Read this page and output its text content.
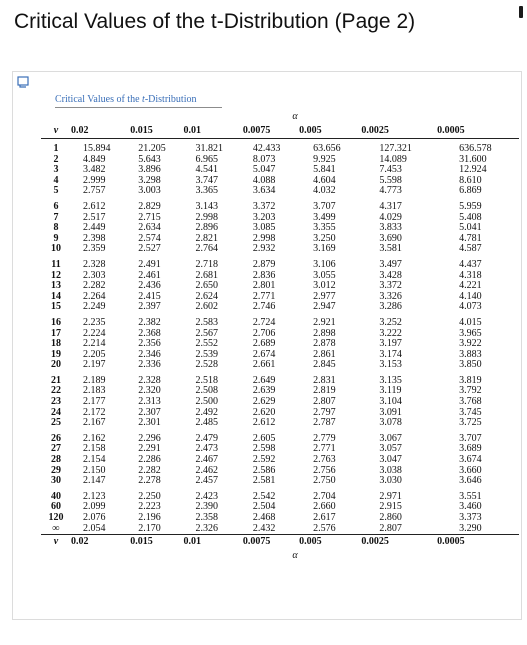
Critical Values of the t-Distribution (Page 2)
Critical Values of the t-Distribution
	α						
v	0.02	0.015	0.01	0.0075	0.005	0.0025	0.0005
1	15.894	21.205	31.821	42.433	63.656	127.321	636.578
2	4.849	5.643	6.965	8.073	9.925	14.089	31.600
3	3.482	3.896	4.541	5.047	5.841	7.453	12.924
4	2.999	3.298	3.747	4.088	4.604	5.598	8.610
5	2.757	3.003	3.365	3.634	4.032	4.773	6.869
6	2.612	2.829	3.143	3.372	3.707	4.317	5.959
7	2.517	2.715	2.998	3.203	3.499	4.029	5.408
8	2.449	2.634	2.896	3.085	3.355	3.833	5.041
9	2.398	2.574	2.821	2.998	3.250	3.690	4.781
10	2.359	2.527	2.764	2.932	3.169	3.581	4.587
11	2.328	2.491	2.718	2.879	3.106	3.497	4.437
12	2.303	2.461	2.681	2.836	3.055	3.428	4.318
13	2.282	2.436	2.650	2.801	3.012	3.372	4.221
14	2.264	2.415	2.624	2.771	2.977	3.326	4.140
15	2.249	2.397	2.602	2.746	2.947	3.286	4.073
16	2.235	2.382	2.583	2.724	2.921	3.252	4.015
17	2.224	2.368	2.567	2.706	2.898	3.222	3.965
18	2.214	2.356	2.552	2.689	2.878	3.197	3.922
19	2.205	2.346	2.539	2.674	2.861	3.174	3.883
20	2.197	2.336	2.528	2.661	2.845	3.153	3.850
21	2.189	2.328	2.518	2.649	2.831	3.135	3.819
22	2.183	2.320	2.508	2.639	2.819	3.119	3.792
23	2.177	2.313	2.500	2.629	2.807	3.104	3.768
24	2.172	2.307	2.492	2.620	2.797	3.091	3.745
25	2.167	2.301	2.485	2.612	2.787	3.078	3.725
26	2.162	2.296	2.479	2.605	2.779	3.067	3.707
27	2.158	2.291	2.473	2.598	2.771	3.057	3.689
28	2.154	2.286	2.467	2.592	2.763	3.047	3.674
29	2.150	2.282	2.462	2.586	2.756	3.038	3.660
30	2.147	2.278	2.457	2.581	2.750	3.030	3.646
40	2.123	2.250	2.423	2.542	2.704	2.971	3.551
60	2.099	2.223	2.390	2.504	2.660	2.915	3.460
120	2.076	2.196	2.358	2.468	2.617	2.860	3.373
∞	2.054	2.170	2.326	2.432	2.576	2.807	3.290
v	0.02	0.015	0.01	0.0075	0.005	0.0025	0.0005
	α						
